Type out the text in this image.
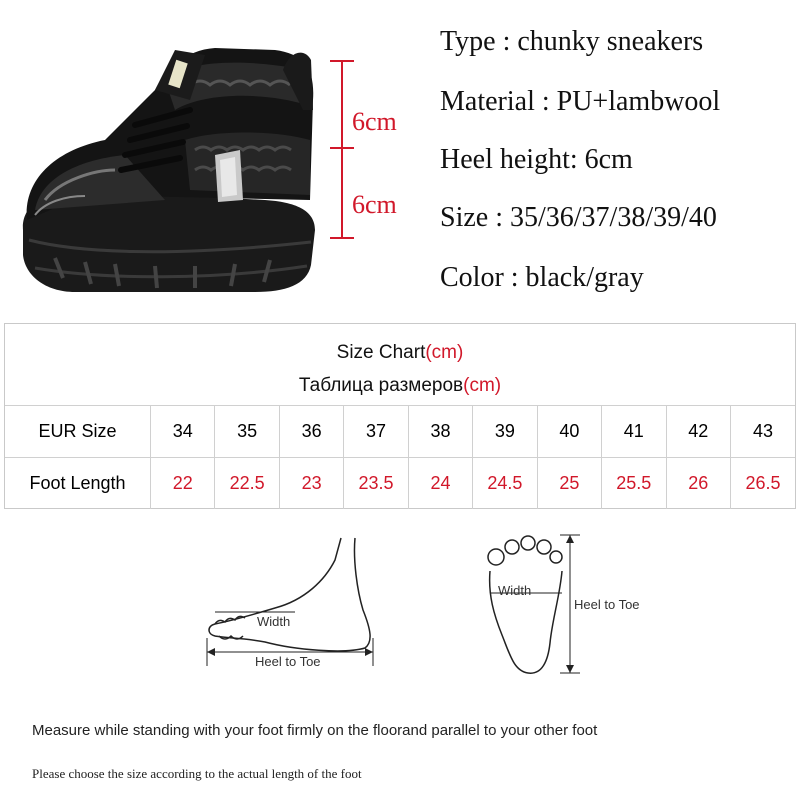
6cm
6cm
Type : chunky sneakers
Material : PU+lambwool
Heel height: 6cm
Size : 35/36/37/38/39/40
Color : black/gray
Size Chart(cm)
Таблица размеров(cm)
EUR Size	34	35	36	37	38	39	40	41	42	43
Foot Length	22	22.5	23	23.5	24	24.5	25	25.5	26	26.5
Width
Heel to Toe
Width
Heel to Toe
Measure while standing with your foot firmly on the floorand parallel to your other foot
Please choose the size according to the actual length of the foot
